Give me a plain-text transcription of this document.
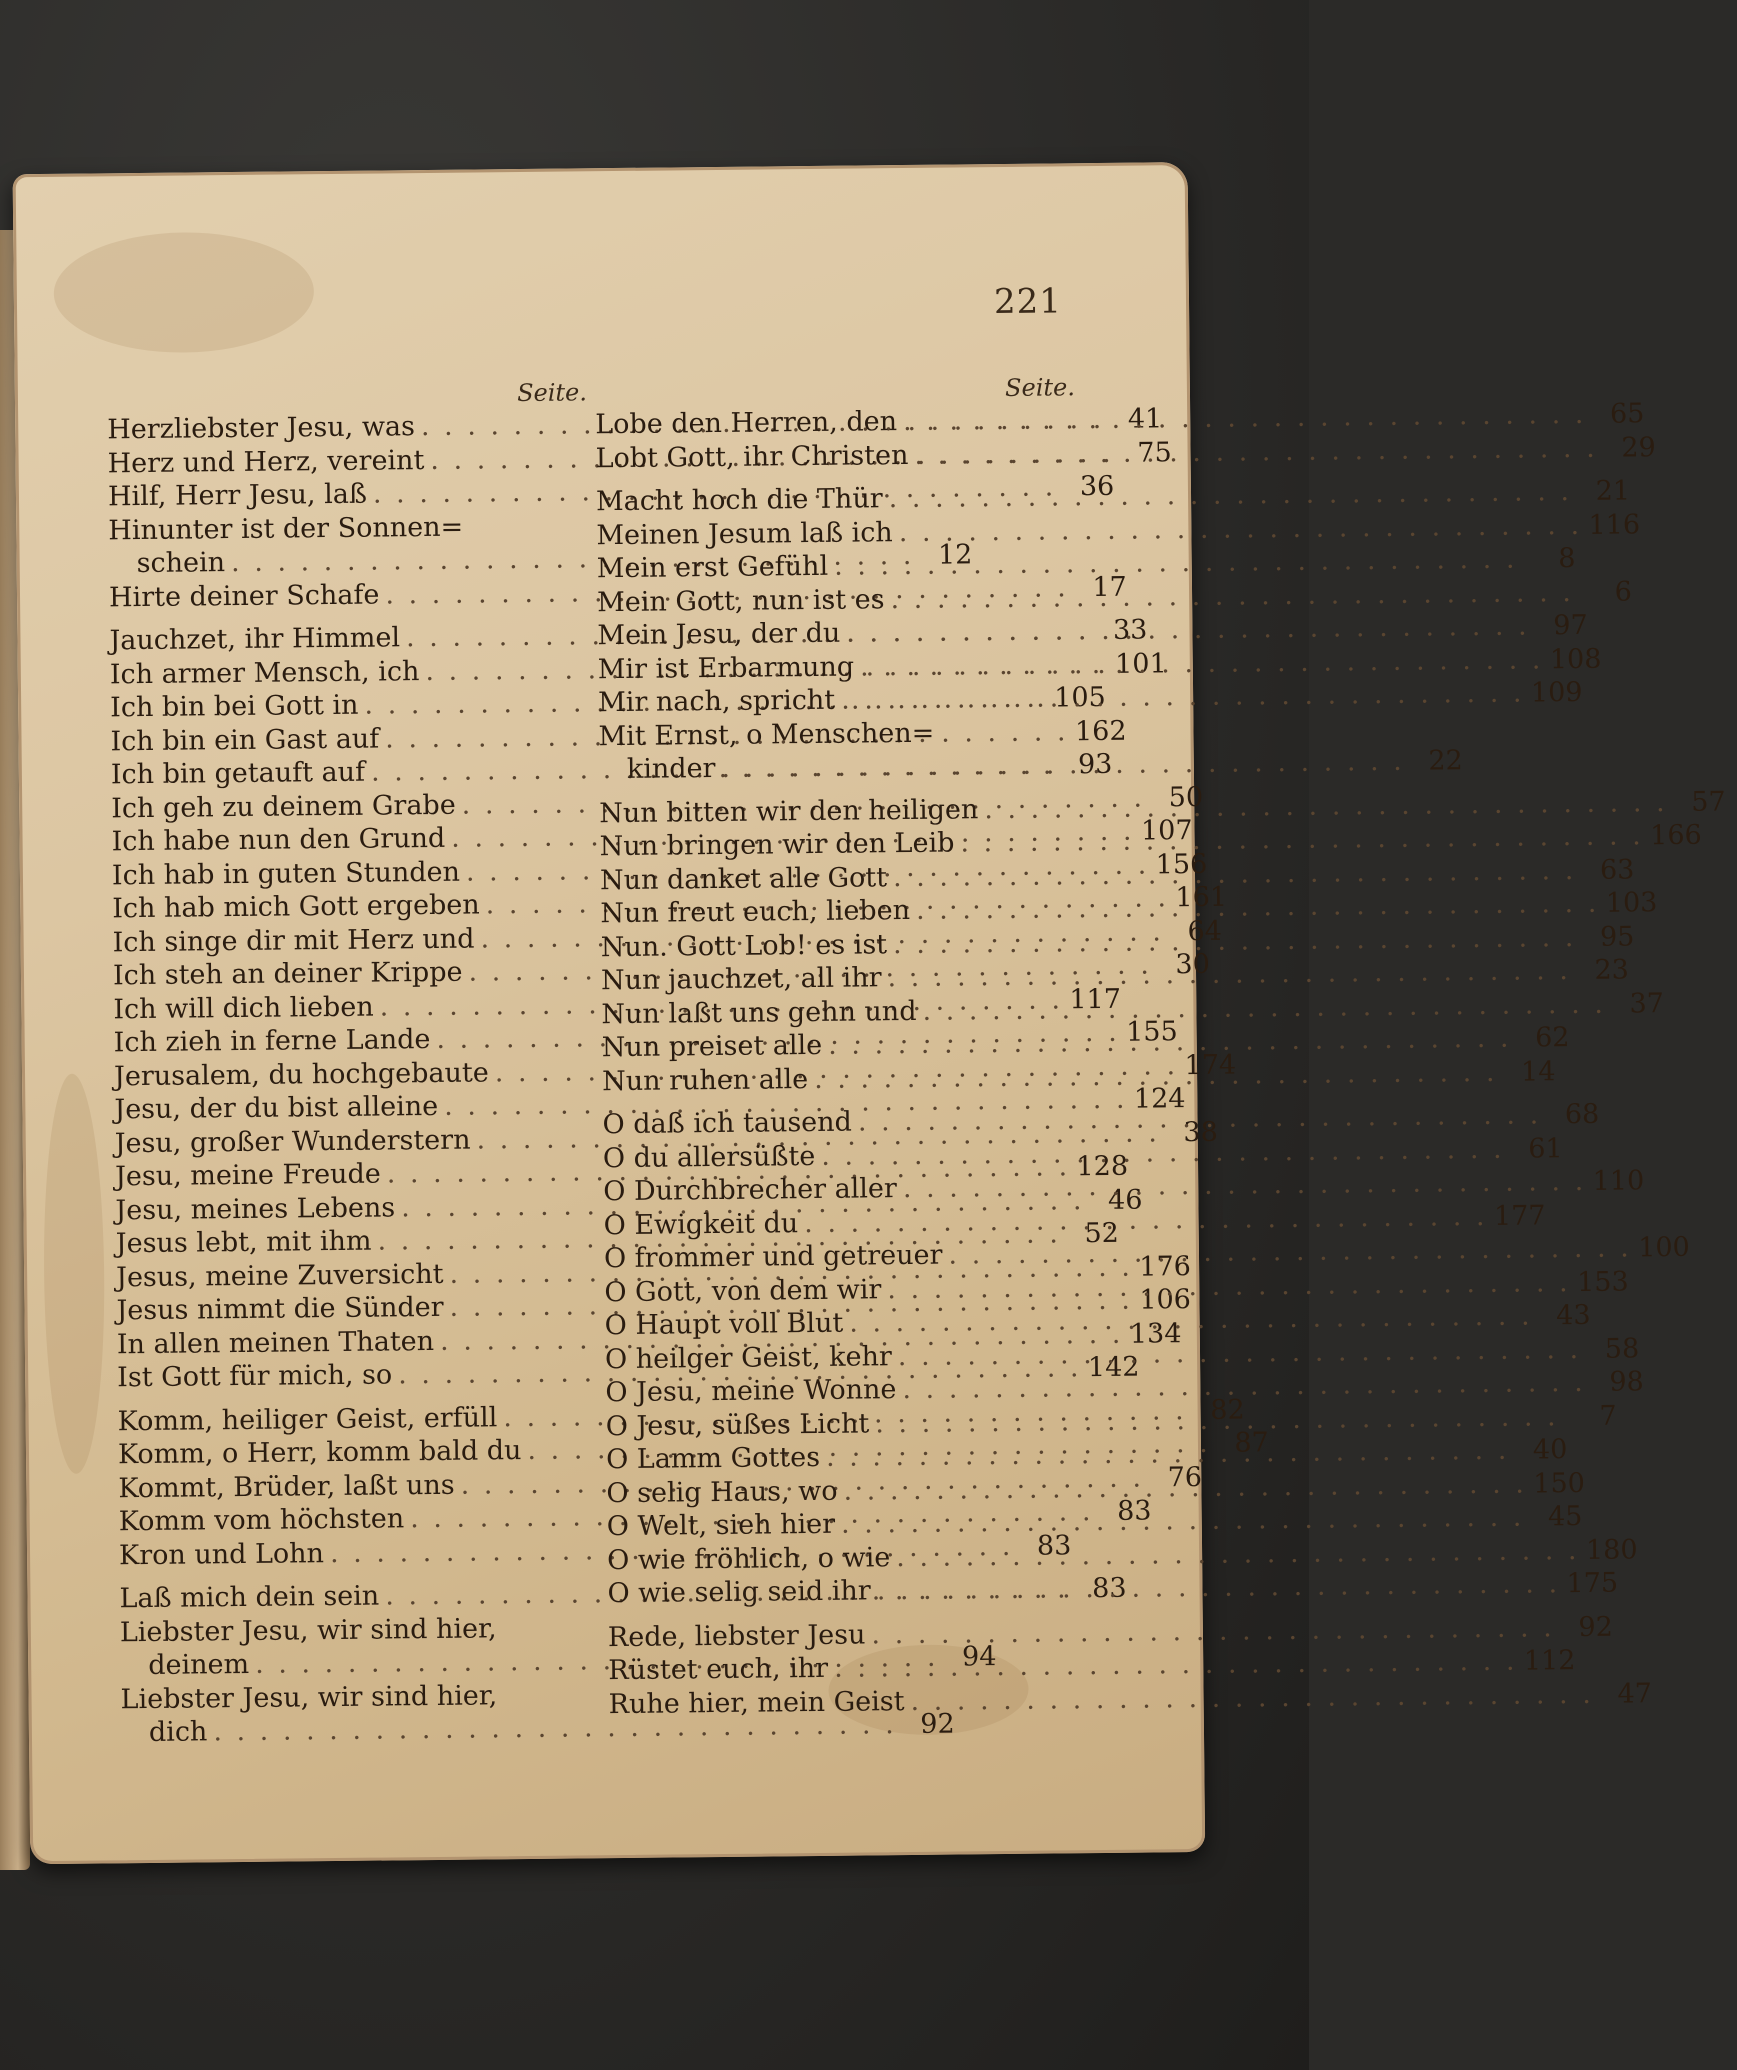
221
Seite.
Herzliebster Jesu, was . . .	41
Herz und Herz, vereint . . .	75
Hilf, Herr Jesu, laß . . .	36
Hinunter ist der Sonnen=
schein . . .	12
Hirte deiner Schafe . . .	17
Jauchzet, ihr Himmel . . .	33
Ich armer Mensch, ich . . .	101
Ich bin bei Gott in . . .	105
Ich bin ein Gast auf . . .	162
Ich bin getauft auf . . .	93
Ich geh zu deinem Grabe . . .	50
Ich habe nun den Grund . . .	107
Ich hab in guten Stunden . . .	156
Ich hab mich Gott ergeben . . .	161
Ich singe dir mit Herz und . . .	64
Ich steh an deiner Krippe . . .	30
Ich will dich lieben . . .	117
Ich zieh in ferne Lande . . .	155
Jerusalem, du hochgebaute . . .	174
Jesu, der du bist alleine . . .	124
Jesu, großer Wunderstern . . .	38
Jesu, meine Freude . . .	128
Jesu, meines Lebens . . .	46
Jesus lebt, mit ihm . . .	52
Jesus, meine Zuversicht . . .	176
Jesus nimmt die Sünder . . .	106
In allen meinen Thaten . . .	134
Ist Gott für mich, so . . .	142
Komm, heiliger Geist, erfüll . . .	82
Komm, o Herr, komm bald du . . .	87
Kommt, Brüder, laßt uns . . .	76
Komm vom höchsten . . .	83
Kron und Lohn . . .	83
Laß mich dein sein . . .	83
Liebster Jesu, wir sind hier,
deinem . . .	94
Liebster Jesu, wir sind hier,
dich . . .	92
Seite.
Lobe den Herren, den . . .	65
Lobt Gott, ihr Christen . . .	29
Macht hoch die Thür . . .	21
Meinen Jesum laß ich . . .	116
Mein erst Gefühl . . .	8
Mein Gott, nun ist es . . .	6
Mein Jesu, der du . . .	97
Mir ist Erbarmung . . .	108
Mir nach, spricht . . .	109
Mit Ernst, o Menschen=
kinder . . .	22
Nun bitten wir den heiligen . . .	57
Nun bringen wir den Leib . . .	166
Nun danket alle Gott . . .	63
Nun freut euch, lieben . . .	103
Nun. Gott Lob! es ist . . .	95
Nun jauchzet, all ihr . . .	23
Nun laßt uns gehn und . . .	37
Nun preiset alle . . .	62
Nun ruhen alle . . .	14
O daß ich tausend . . .	68
O du allersüßte . . .	61
O Durchbrecher aller . . .	110
O Ewigkeit du . . .	177
O frommer und getreuer . . .	100
O Gott, von dem wir . . .	153
O Haupt voll Blut . . .	43
O heilger Geist, kehr . . .	58
O Jesu, meine Wonne . . .	98
O Jesu, süßes Licht . . .	7
O Lamm Gottes . . .	40
O selig Haus, wo . . .	150
O Welt, sieh hier . . .	45
O wie fröhlich, o wie . . .	180
O wie selig seid ihr . . .	175
Rede, liebster Jesu . . .	92
Rüstet euch, ihr . . .	112
Ruhe hier, mein Geist . . .	47
